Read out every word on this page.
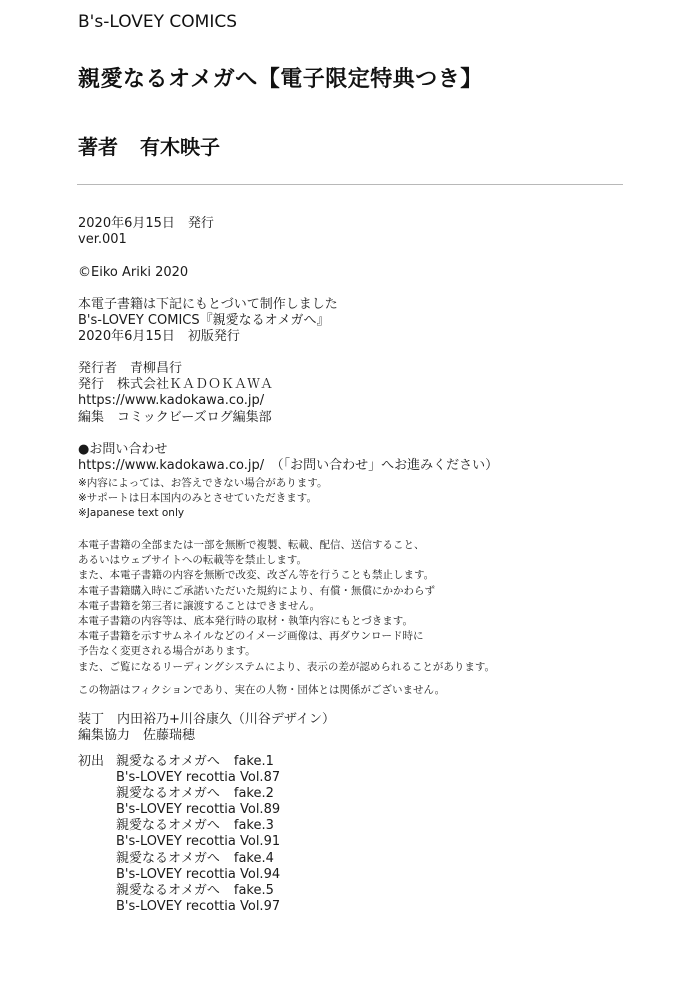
B's-LOVEY COMICS
親愛なるオメガへ【電子限定特典つき】
著者 有木映子
2020年6月15日　発行
ver.001
©Eiko Ariki 2020
本電子書籍は下記にもとづいて制作しました
B's-LOVEY COMICS『親愛なるオメガへ』
2020年6月15日　初版発行
発行者　青柳昌行
発行　株式会社ＫＡＤＯＫＡＷＡ
https://www.kadokawa.co.jp/
編集　コミックビーズログ編集部
●お問い合わせ
https://www.kadokawa.co.jp/　（「お問い合わせ」へお進みください）
※内容によっては、お答えできない場合があります。
※サポートは日本国内のみとさせていただきます。
※Japanese text only
本電子書籍の全部または一部を無断で複製、転載、配信、送信すること、
あるいはウェブサイトへの転載等を禁止します。
また、本電子書籍の内容を無断で改変、改ざん等を行うことも禁止します。
本電子書籍購入時にご承諾いただいた規約により、有償・無償にかかわらず
本電子書籍を第三者に譲渡することはできません。
本電子書籍の内容等は、底本発行時の取材・執筆内容にもとづきます。
本電子書籍を示すサムネイルなどのイメージ画像は、再ダウンロード時に
予告なく変更される場合があります。
また、ご覧になるリーディングシステムにより、表示の差が認められることがあります。
この物語はフィクションであり、実在の人物・団体とは関係がございません。
装丁　内田裕乃+川谷康久（川谷デザイン）
編集協力　佐藤瑞穂
初出 親愛なるオメガへ fake.1
B's-LOVEY recottia Vol.87
親愛なるオメガへ fake.2
B's-LOVEY recottia Vol.89
親愛なるオメガへ fake.3
B's-LOVEY recottia Vol.91
親愛なるオメガへ fake.4
B's-LOVEY recottia Vol.94
親愛なるオメガへ fake.5
B's-LOVEY recottia Vol.97
